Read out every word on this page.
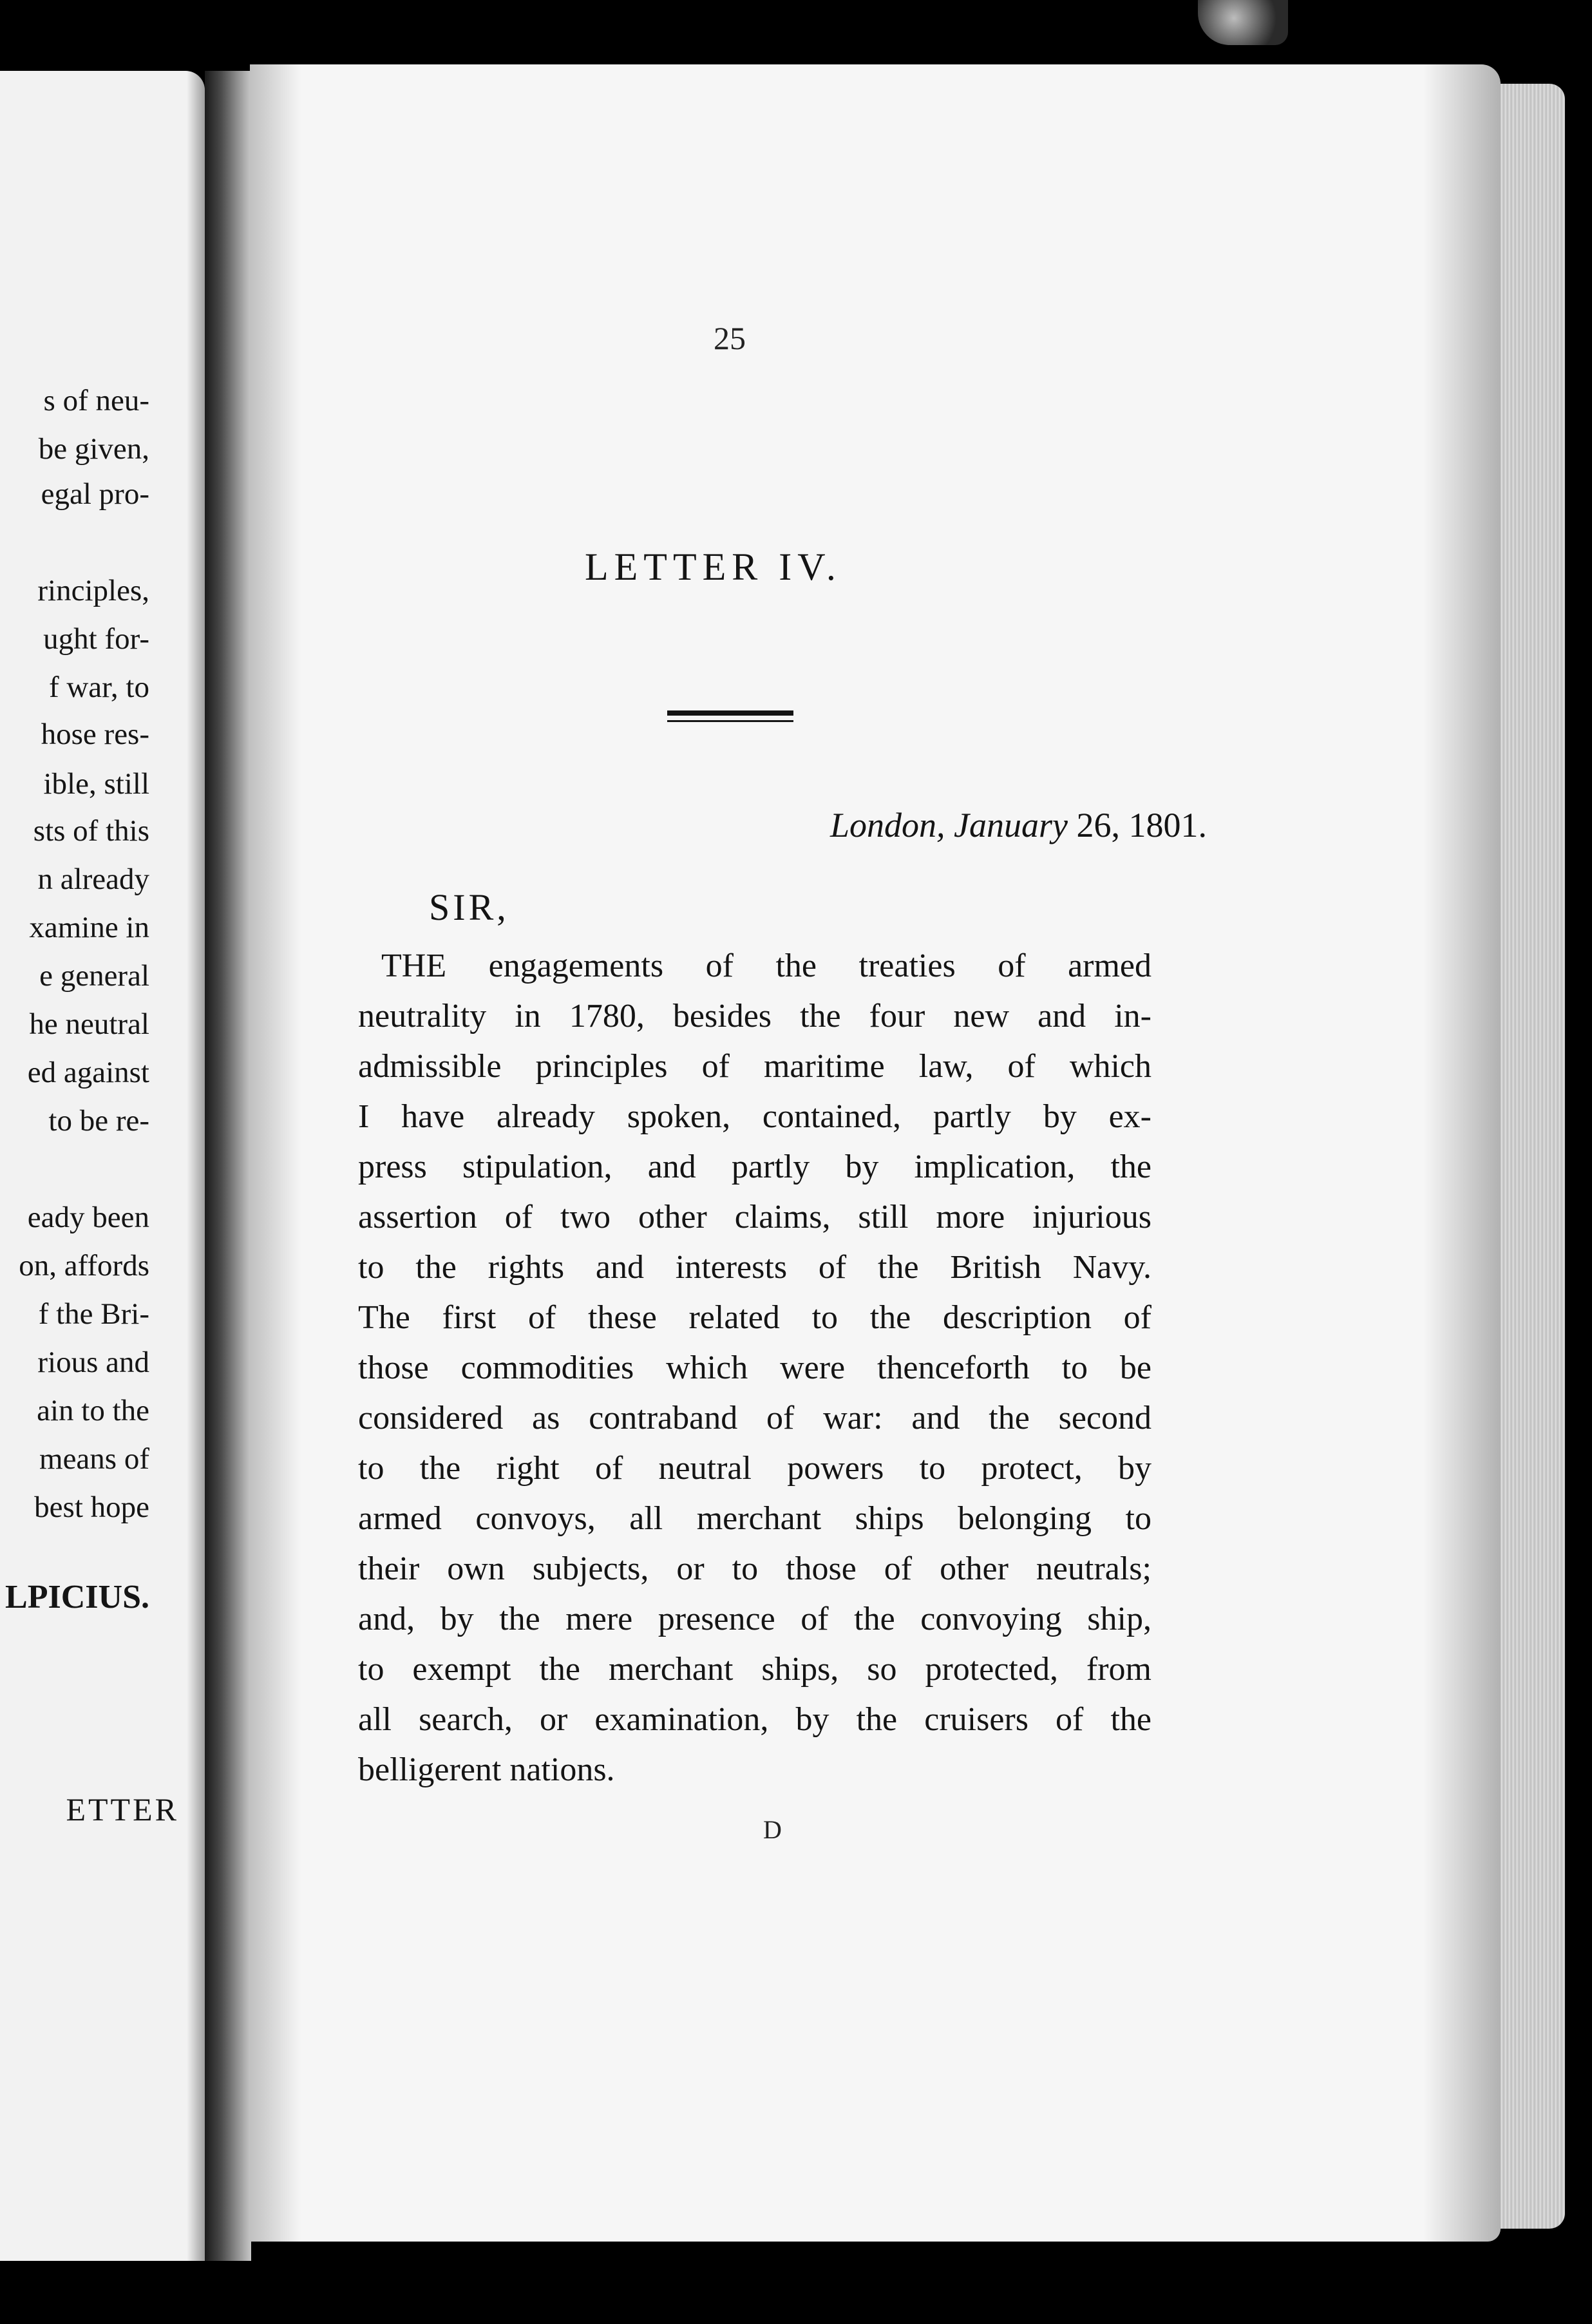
s of neu-
be given,
egal pro-
rinciples,
ught for-
f war, to
hose res-
ible, still
sts of this
n already
xamine in
e general
he neutral
ed against
to be re-
eady been
on, affords
f the Bri-
rious and
ain to the
means of
best hope
LPICIUS.
ETTER
25
LETTER IV.
London, January 26, 1801.
SIR,
THE engagements of the treaties of armed
neutrality in 1780, besides the four new and in-
admissible principles of maritime law, of which
I have already spoken, contained, partly by ex-
press stipulation, and partly by implication, the
assertion of two other claims, still more injurious
to the rights and interests of the British Navy.
The first of these related to the description of
those commodities which were thenceforth to be
considered as contraband of war: and the second
to the right of neutral powers to protect, by
armed convoys, all merchant ships belonging to
their own subjects, or to those of other neutrals;
and, by the mere presence of the convoying ship,
to exempt the merchant ships, so protected, from
all search, or examination, by the cruisers of the
belligerent nations.
D
